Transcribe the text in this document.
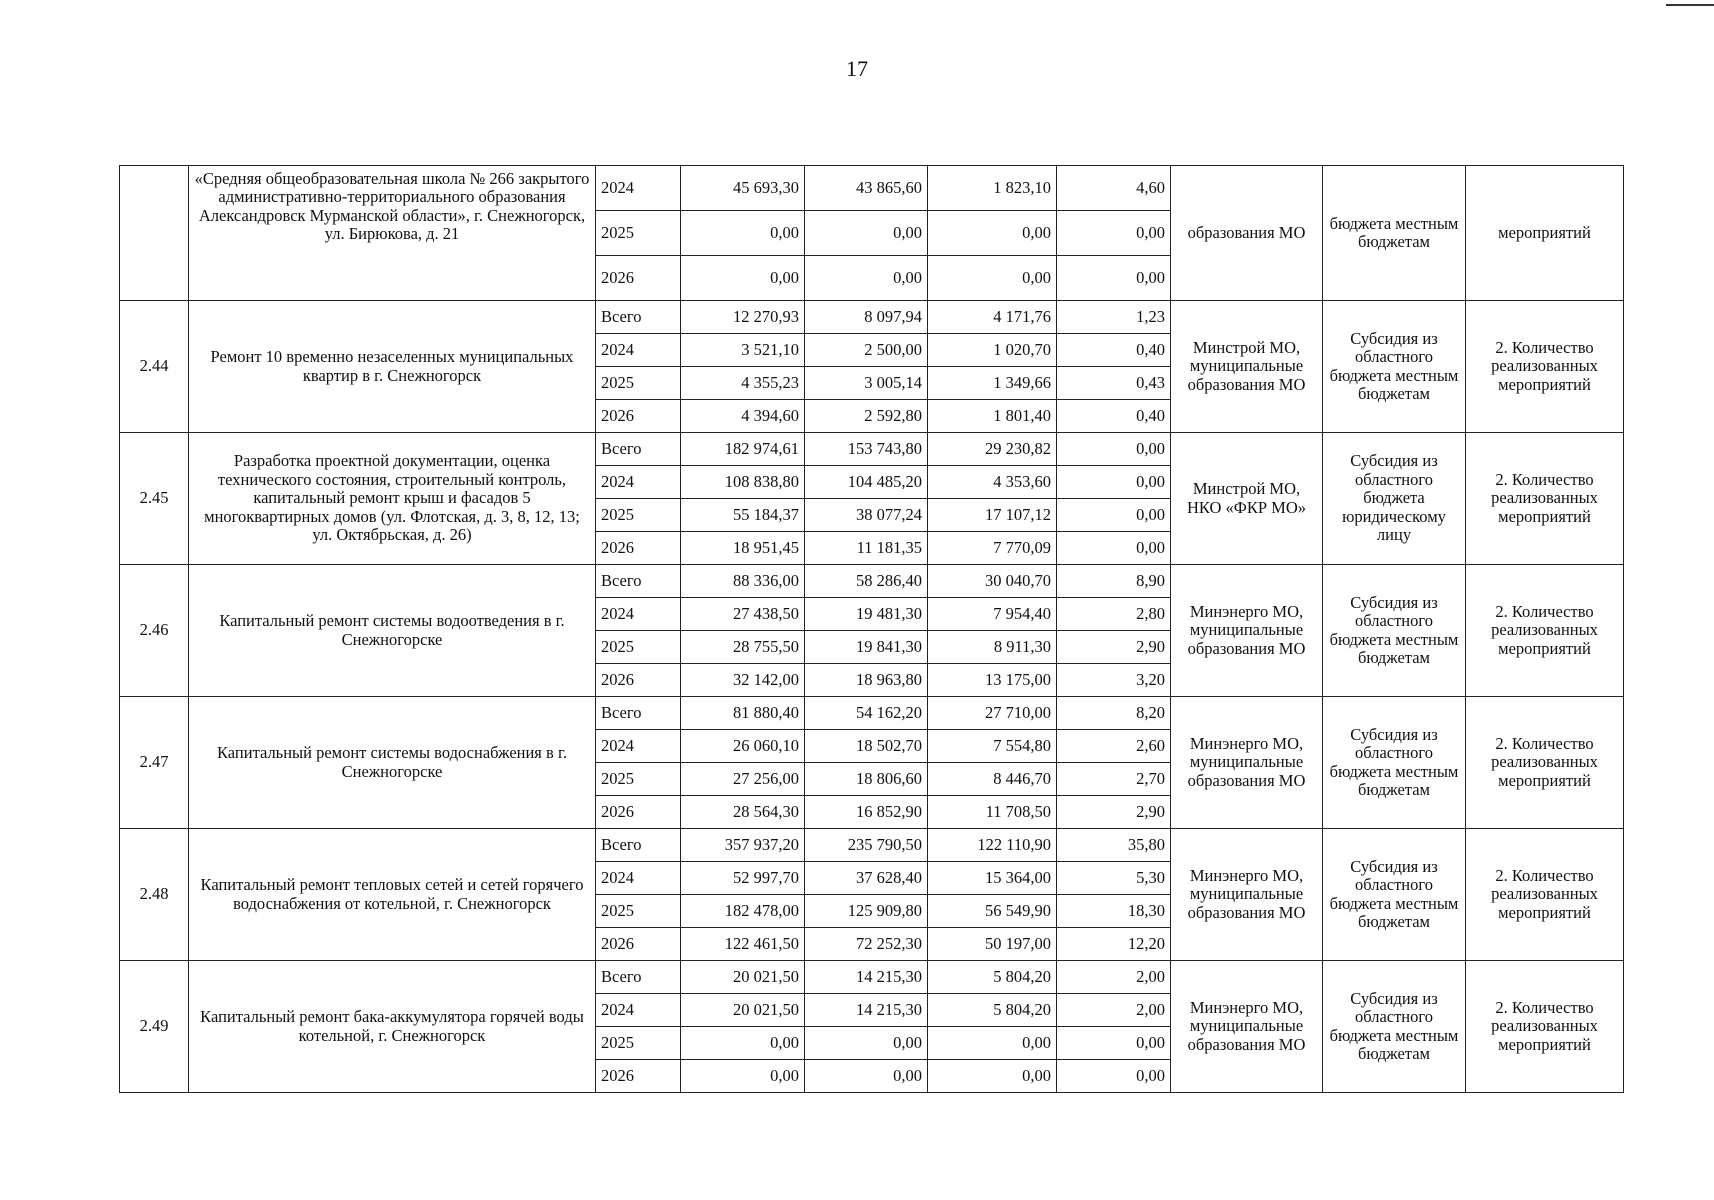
17
	«Средняя общеобразовательная школа № 266 закрытого административно-территориального образования Александровск Мурманской области», г. Снежногорск, ул. Бирюкова, д. 21	2024	45 693,30	43 865,60	1 823,10	4,60	образования МО	бюджета местным бюджетам	мероприятий
		2025	0,00	0,00	0,00	0,00			
		2026	0,00	0,00	0,00	0,00			
2.44	Ремонт 10 временно незаселенных муниципальных квартир в г. Снежногорск	Всего	12 270,93	8 097,94	4 171,76	1,23	Минстрой МО, муниципальные образования МО	Субсидия из областного бюджета местным бюджетам	2. Количество реализованных мероприятий
		2024	3 521,10	2 500,00	1 020,70	0,40			
		2025	4 355,23	3 005,14	1 349,66	0,43			
		2026	4 394,60	2 592,80	1 801,40	0,40			
2.45	Разработка проектной документации, оценка технического состояния, строительный контроль, капитальный ремонт крыш и фасадов 5 многоквартирных домов (ул. Флотская, д. 3, 8, 12, 13; ул. Октябрьская, д. 26)	Всего	182 974,61	153 743,80	29 230,82	0,00	Минстрой МО, НКО «ФКР МО»	Субсидия из областного бюджета юридическому лицу	2. Количество реализованных мероприятий
		2024	108 838,80	104 485,20	4 353,60	0,00			
		2025	55 184,37	38 077,24	17 107,12	0,00			
		2026	18 951,45	11 181,35	7 770,09	0,00			
2.46	Капитальный ремонт системы водоотведения в г. Снежногорске	Всего	88 336,00	58 286,40	30 040,70	8,90	Минэнерго МО, муниципальные образования МО	Субсидия из областного бюджета местным бюджетам	2. Количество реализованных мероприятий
		2024	27 438,50	19 481,30	7 954,40	2,80			
		2025	28 755,50	19 841,30	8 911,30	2,90			
		2026	32 142,00	18 963,80	13 175,00	3,20			
2.47	Капитальный ремонт системы водоснабжения в г. Снежногорске	Всего	81 880,40	54 162,20	27 710,00	8,20	Минэнерго МО, муниципальные образования МО	Субсидия из областного бюджета местным бюджетам	2. Количество реализованных мероприятий
		2024	26 060,10	18 502,70	7 554,80	2,60			
		2025	27 256,00	18 806,60	8 446,70	2,70			
		2026	28 564,30	16 852,90	11 708,50	2,90			
2.48	Капитальный ремонт тепловых сетей и сетей горячего водоснабжения от котельной, г. Снежногорск	Всего	357 937,20	235 790,50	122 110,90	35,80	Минэнерго МО, муниципальные образования МО	Субсидия из областного бюджета местным бюджетам	2. Количество реализованных мероприятий
		2024	52 997,70	37 628,40	15 364,00	5,30			
		2025	182 478,00	125 909,80	56 549,90	18,30			
		2026	122 461,50	72 252,30	50 197,00	12,20			
2.49	Капитальный ремонт бака-аккумулятора горячей воды котельной, г. Снежногорск	Всего	20 021,50	14 215,30	5 804,20	2,00	Минэнерго МО, муниципальные образования МО	Субсидия из областного бюджета местным бюджетам	2. Количество реализованных мероприятий
		2024	20 021,50	14 215,30	5 804,20	2,00			
		2025	0,00	0,00	0,00	0,00			
		2026	0,00	0,00	0,00	0,00			
